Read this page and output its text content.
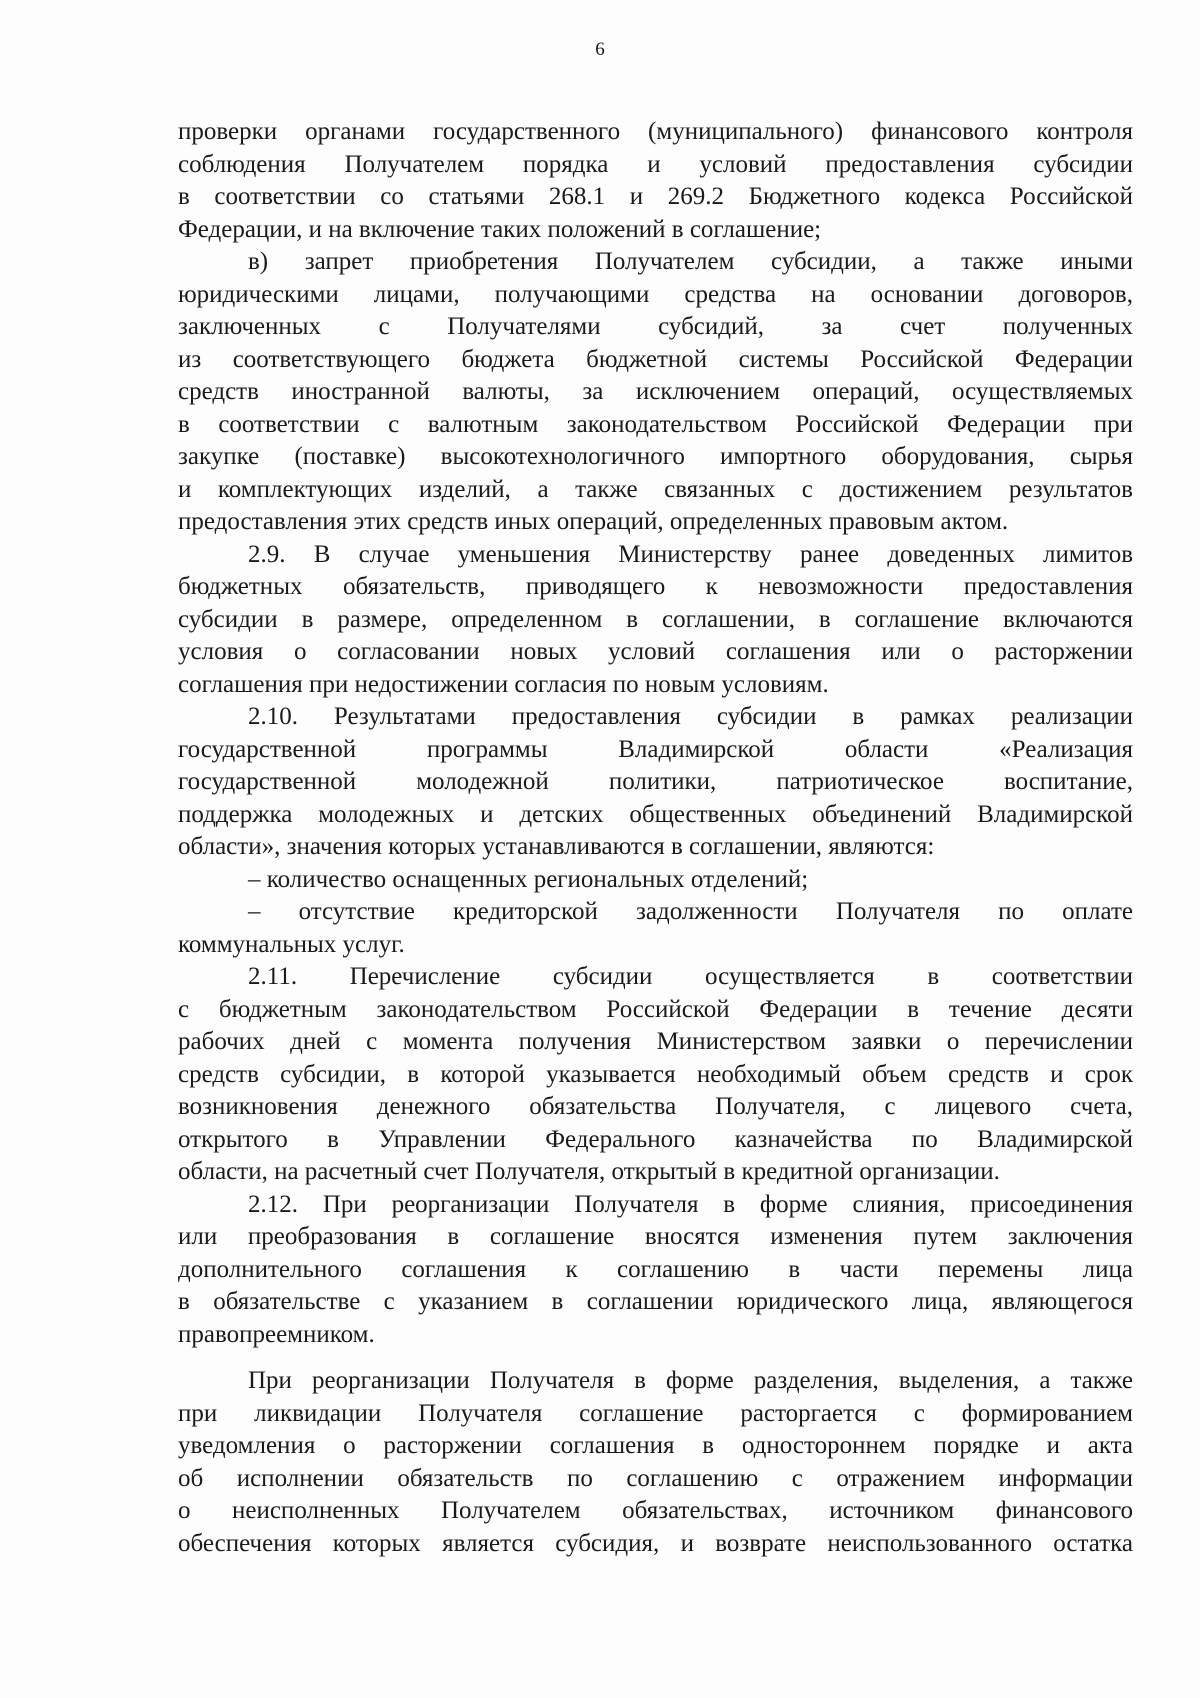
6

проверки органами государственного (муниципального) финансового контроля

соблюдения Получателем порядка и условий предоставления субсидии

в соответствии со статьями 268.1 и 269.2 Бюджетного кодекса Российской

Федерации, и на включение таких положений в соглашение;

в) запрет приобретения Получателем субсидии, а также иными

юридическими лицами, получающими средства на основании договоров,

заключенных с Получателями субсидий, за счет полученных

из соответствующего бюджета бюджетной системы Российской Федерации

средств иностранной валюты, за исключением операций, осуществляемых

в соответствии с валютным законодательством Российской Федерации при

закупке (поставке) высокотехнологичного импортного оборудования, сырья

и комплектующих изделий, а также связанных с достижением результатов

предоставления этих средств иных операций, определенных правовым актом.

2.9. В случае уменьшения Министерству ранее доведенных лимитов

бюджетных обязательств, приводящего к невозможности предоставления

субсидии в размере, определенном в соглашении, в соглашение включаются

условия о согласовании новых условий соглашения или о расторжении

соглашения при недостижении согласия по новым условиям.

2.10. Результатами предоставления субсидии в рамках реализации

государственной программы Владимирской области «Реализация

государственной молодежной политики, патриотическое воспитание,

поддержка молодежных и детских общественных объединений Владимирской

области», значения которых устанавливаются в соглашении, являются:

– количество оснащенных региональных отделений;

– отсутствие кредиторской задолженности Получателя по оплате

коммунальных услуг.

2.11. Перечисление субсидии осуществляется в соответствии

с бюджетным законодательством Российской Федерации в течение десяти

рабочих дней с момента получения Министерством заявки о перечислении

средств субсидии, в которой указывается необходимый объем средств и срок

возникновения денежного обязательства Получателя, с лицевого счета,

открытого в Управлении Федерального казначейства по Владимирской

области, на расчетный счет Получателя, открытый в кредитной организации.

2.12. При реорганизации Получателя в форме слияния, присоединения

или преобразования в соглашение вносятся изменения путем заключения

дополнительного соглашения к соглашению в части перемены лица

в обязательстве с указанием в соглашении юридического лица, являющегося

правопреемником.

При реорганизации Получателя в форме разделения, выделения, а также

при ликвидации Получателя соглашение расторгается с формированием

уведомления о расторжении соглашения в одностороннем порядке и акта

об исполнении обязательств по соглашению с отражением информации

о неисполненных Получателем обязательствах, источником финансового

обеспечения которых является субсидия, и возврате неиспользованного остатка
